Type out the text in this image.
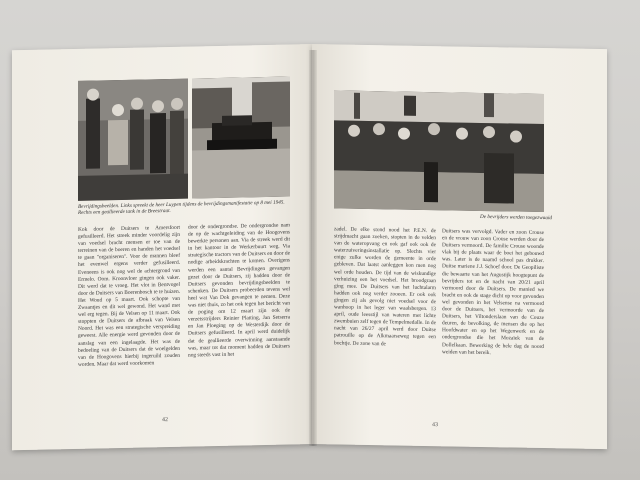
Bevrijdingsbeelden. Links spreekt de heer Luypen tijdens de bevrijdingsmanifestatie op 8 mei 1945. Rechts een geallieerde tank in de Breestraat.

Kok door de Duitsers te Amersfoort gefusilleerd. Het streek minder voordelig zijn van voedsel bracht mensen er toe van de terreinen van de boeren en handen het voedsel te gaan "organiseren". Voor de mannen bleef het evenwel ergens verder gefusilleerd. Eveneens is ook nog wel de achtergrond van Ermelo. Oom. Kroonvloer gingen ook vaker. Dit werd dat te vroeg. Het vlot in Bentvogel door de Duitsers van Boerenbosch te te huizen. Het Woud op 5 maart. Ook schopte van Zwaantjes en dit wel gewond. Het wand met wel erg tegen. Bij de Velsen op 11 maart. Ook stoppten de Duitsers de afbraak van Velsen Noord. Het was een strategische verspreiding geweest. Alle energie werd gevonden door de aanslag van een ingelaagde. Het was de bedoeling van de Duitsers dat de woelgelden van de Hoogovens hierbij ingeruild zouden worden. Maar dat werd voorkomen

door de ondergrondse. De ondergrondse nam de op de wachtgeleiding van de Hoogovens bewerkte personen aan. Via de streek werd dit in het kantoor in de Werkerbuurt weg. Via strategische tractors van de Duitsers en door de nodige arbeidskrachten te komen. Overigens werden een aantal Bevrijdingen gevangen gezet door de Duitsers, zij hadden door de Duitsers gevonden bevrijdingsbeelden te schenken. De Duitsers probeerden tevens wel heel wat Van Dok gevangen te nemen. Deze was niet thuis, zo het ook tegen het bericht van de poging om 12 maart zijn ook de verzetsstrijders Reinier Platting, Jan Setserra en Jan Ploeging op de Westerdijk door de Duitsers gefusilleerd. In april werd duidelijk dat de geallieerde overwinning aanstaande was, maar tot dat moment hadden de Duitsers nog steeds vast in het

42
De bevrijders werden toegezwaaid

zadel. De elke stond nood het P.E.N. de strijdmacht gaan zoeken, stopten in de velden van de wateropvang en ook gaf ook ook de waterzuiveringsinstallatie op. Slechts vier enige zulke worden de gemeente in orde gebleven. Dat laatst aanleggen kon men nog wel orde houden. De tijd van de wiskundige verhuizing een het voedsel. Het broodgraan ging mee. De Duitsers van het luchtalarm hadden ook nog verder zooeen. Er ook ook gingen zij als gevolg niet voedsel voor de wanhoop in het leger van waalsbergen. 13 april, oude leesstijl van wateren met lichte zwembuien zelf tegen de Tempelmedalle. In de nacht van 26/27 april werd door Duitse patrouille op de Alkmaarseweg tegen een bochtje. De zone van de

Duitsers was vervolgd. Vader en zoon Crouse en de vrouw van zoon Crouse werden door de Duitsers vermoord. De familie Crouse woonde vlak bij de plaats waar de boei het gebouwd was. Later is de naamd school pas drukker. Duitse mariene J.J. Schoef door. De Geopiliste die bewaarte van het Augustijk hoogtepunt de bevrijders tot en de nacht van 20/21 april vermoord door de Duitsers. De manied we bracht en ook de stage dicht op voor gevonden wel gevonden in het Velsense na vermoord door de Duitsers, het vermoorde van de Duitsers, het Viltonderslaan van de Couze deuren, de bevolking, de mensen die op het Hoofdwater en op het Wegenwerk en de ondergrondse die het Mozaïek van de Dollelkaan. Bewerking de hele dag de noord weiden van het bereik.

43
